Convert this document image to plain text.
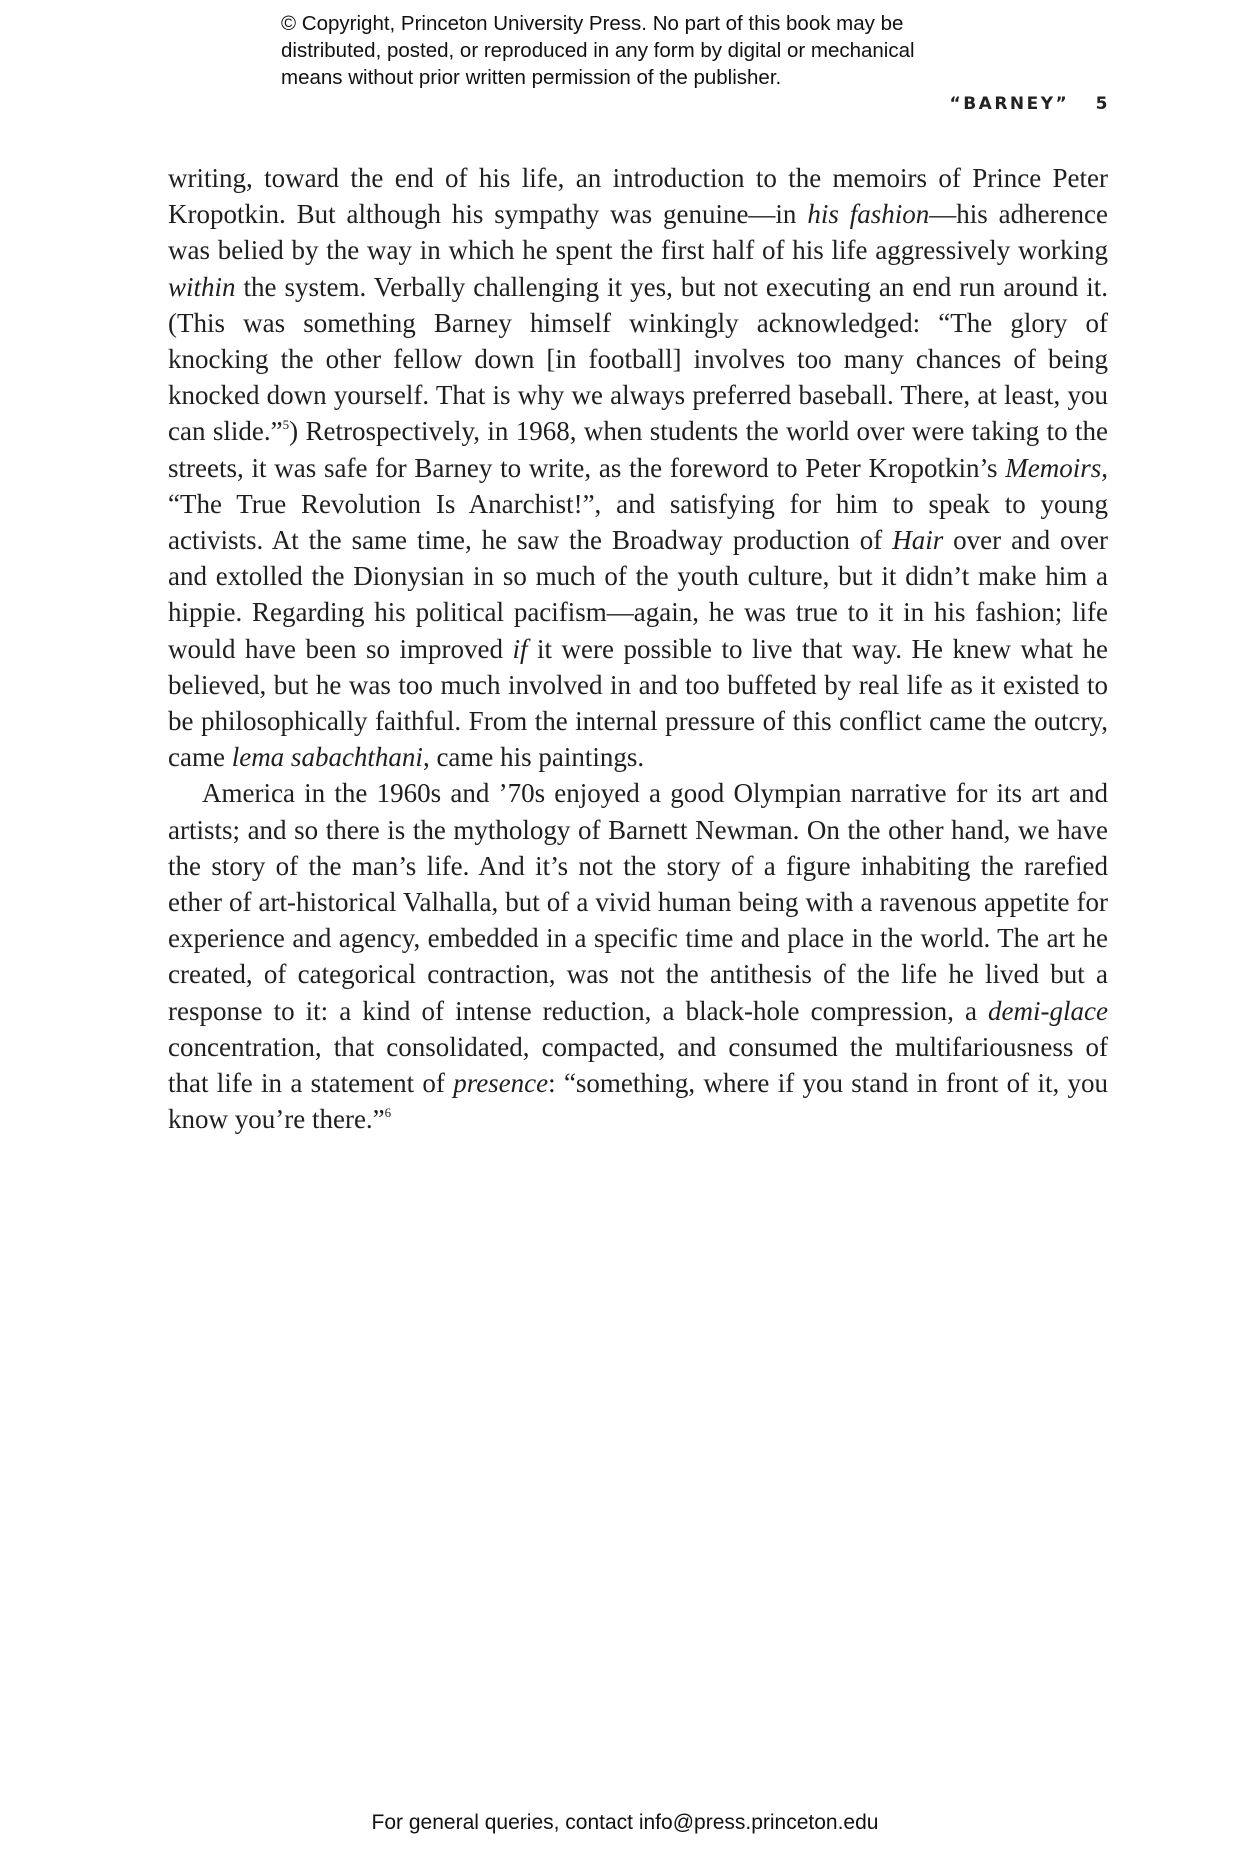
© Copyright, Princeton University Press. No part of this book may be

distributed, posted, or reproduced in any form by digital or mechanical

means without prior written permission of the publisher.

“BARNEY” 5

writing, toward the end of his life, an introduction to the memoirs of Prince Peter Kropotkin. But although his sympathy was genuine—in his fashion—his adherence was belied by the way in which he spent the first half of his life aggressively working within the system. Verbally challenging it yes, but not executing an end run around it. (This was something Barney himself winkingly acknowledged: “The glory of knocking the other fellow down [in football] involves too many chances of being knocked down yourself. That is why we always preferred baseball. There, at least, you can slide.”$^5$) Retrospectively, in 1968, when students the world over were taking to the streets, it was safe for Barney to write, as the foreword to Peter Kropotkin’s Memoirs, “The True Revolution Is Anarchist!”, and satisfying for him to speak to young activists. At the same time, he saw the Broadway production of Hair over and over and extolled the Dionysian in so much of the youth culture, but it didn’t make him a hippie. Regarding his political pacifism—again, he was true to it in his fashion; life would have been so improved if it were possible to live that way. He knew what he believed, but he was too much involved in and too buffeted by real life as it existed to be philosophically faithful. From the internal pressure of this conflict came the outcry, came lema sabachthani, came his paintings.

America in the 1960s and ’70s enjoyed a good Olympian narrative for its art and artists; and so there is the mythology of Barnett Newman. On the other hand, we have the story of the man’s life. And it’s not the story of a figure inhabiting the rarefied ether of art-historical Valhalla, but of a vivid human being with a ravenous appetite for experience and agency, embedded in a specific time and place in the world. The art he created, of categorical contraction, was not the antithesis of the life he lived but a response to it: a kind of intense reduction, a black-hole compression, a demi-glace concentration, that consolidated, compacted, and consumed the multifariousness of that life in a statement of presence: “something, where if you stand in front of it, you know you’re there.”$^6$

For general queries, contact info@press.princeton.edu
